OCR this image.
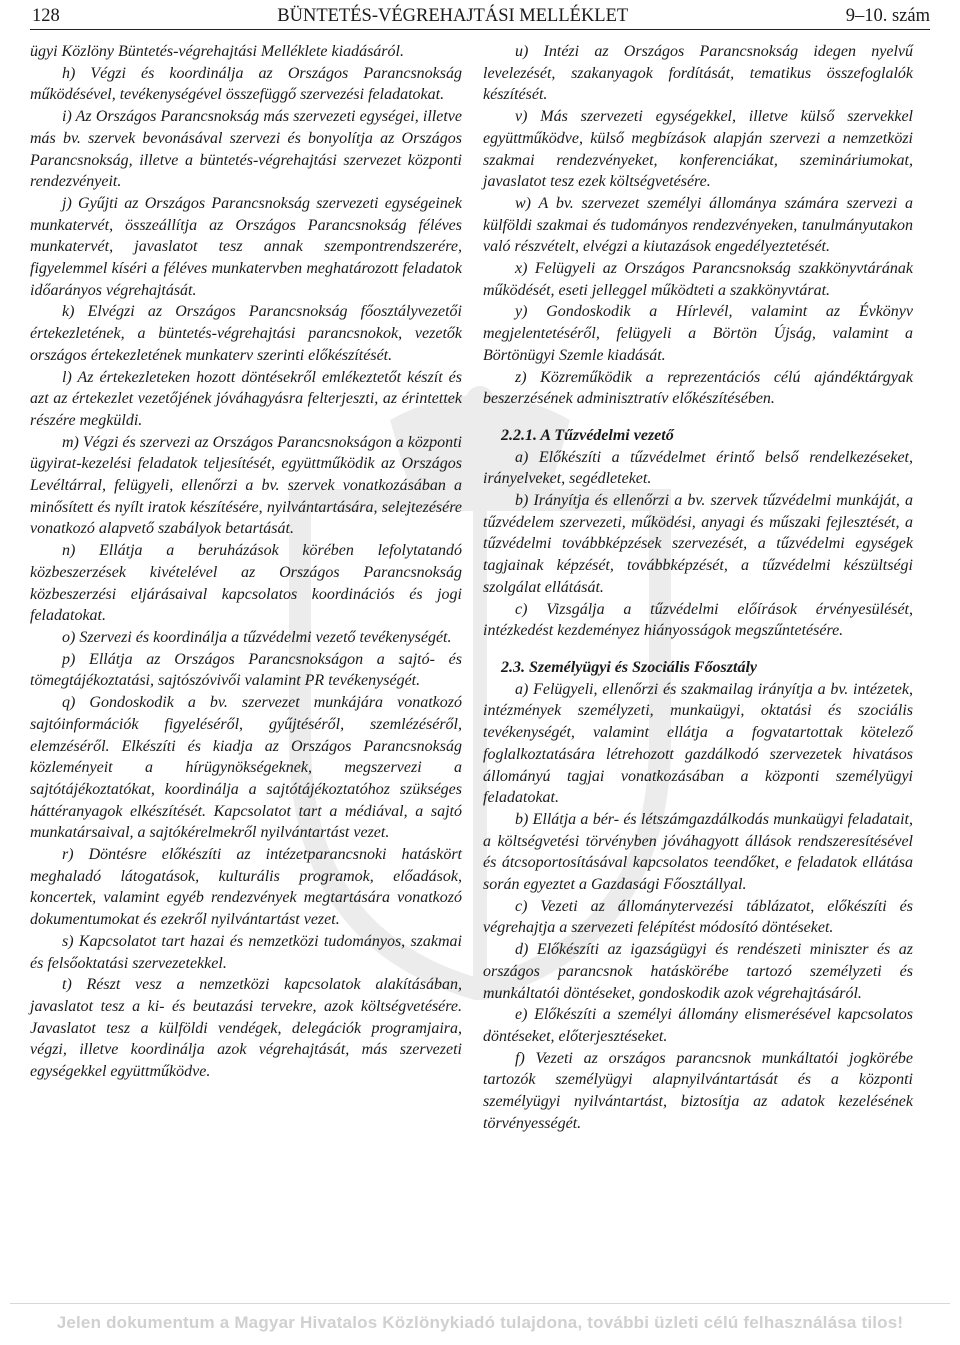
128	BÜNTETÉS-VÉGREHAJTÁSI MELLÉKLET	9–10. szám

ügyi Közlöny Büntetés-végrehajtási Melléklete kiadásáról.

h) Végzi és koordinálja az Országos Parancsnokság működésével, tevékenységével összefüggő szervezési feladatokat.

i) Az Országos Parancsnokság más szervezeti egységei, illetve más bv. szervek bevonásával szervezi és bonyolítja az Országos Parancsnokság, illetve a büntetés-végrehajtási szervezet központi rendezvényeit.

j) Gyűjti az Országos Parancsnokság szervezeti egységeinek munkatervét, összeállítja az Országos Parancsnokság féléves munkatervét, javaslatot tesz annak szempontrendszerére, figyelemmel kíséri a féléves munkatervben meghatározott feladatok időarányos végrehajtását.

k) Elvégzi az Országos Parancsnokság főosztályvezetői értekezletének, a büntetés-végrehajtási parancsnokok, vezetők országos értekezletének munkaterv szerinti előkészítését.

l) Az értekezleteken hozott döntésekről emlékeztetőt készít és azt az értekezlet vezetőjének jóváhagyásra felterjeszti, az érintettek részére megküldi.

m) Végzi és szervezi az Országos Parancsnokságon a központi ügyirat-kezelési feladatok teljesítését, együttműködik az Országos Levéltárral, felügyeli, ellenőrzi a bv. szervek vonatkozásában a minősített és nyílt iratok készítésére, nyilvántartására, selejtezésére vonatkozó alapvető szabályok betartását.

n) Ellátja a beruházások körében lefolytatandó közbeszerzések kivételével az Országos Parancsnokság közbeszerzési eljárásaival kapcsolatos koordinációs és jogi feladatokat.

o) Szervezi és koordinálja a tűzvédelmi vezető tevékenységét.

p) Ellátja az Országos Parancsnokságon a sajtó- és tömegtájékoztatási, sajtószóvivői valamint PR tevékenységét.

q) Gondoskodik a bv. szervezet munkájára vonatkozó sajtóinformációk figyeléséről, gyűjtéséről, szemlézéséről, elemzéséről. Elkészíti és kiadja az Országos Parancsnokság közleményeit a hírügynökségeknek, megszervezi a sajtótájékoztatókat, koordinálja a sajtótájékoztatóhoz szükséges háttéranyagok elkészítését. Kapcsolatot tart a médiával, a sajtó munkatársaival, a sajtókérelmekről nyilvántartást vezet.

r) Döntésre előkészíti az intézetparancsnoki hatáskört meghaladó látogatások, kulturális programok, előadások, koncertek, valamint egyéb rendezvények megtartására vonatkozó dokumentumokat és ezekről nyilvántartást vezet.

s) Kapcsolatot tart hazai és nemzetközi tudományos, szakmai és felsőoktatási szervezetekkel.

t) Részt vesz a nemzetközi kapcsolatok alakításában, javaslatot tesz a ki- és beutazási tervekre, azok költségvetésére. Javaslatot tesz a külföldi vendégek, delegációk programjaira, végzi, illetve koordinálja azok végrehajtását, más szervezeti egységekkel együttműködve.

u) Intézi az Országos Parancsnokság idegen nyelvű levelezését, szakanyagok fordítását, tematikus összefoglalók készítését.

v) Más szervezeti egységekkel, illetve külső szervekkel együttműködve, külső megbízások alapján szervezi a nemzetközi szakmai rendezvényeket, konferenciákat, szemináriumokat, javaslatot tesz ezek költségvetésére.

w) A bv. szervezet személyi állománya számára szervezi a külföldi szakmai és tudományos rendezvényeken, tanulmányutakon való részvételt, elvégzi a kiutazások engedélyeztetését.

x) Felügyeli az Országos Parancsnokság szakkönyvtárának működését, eseti jelleggel működteti a szakkönyvtárat.

y) Gondoskodik a Hírlevél, valamint az Évkönyv megjelentetéséről, felügyeli a Börtön Újság, valamint a Börtönügyi Szemle kiadását.

z) Közreműködik a reprezentációs célú ajándéktárgyak beszerzésének adminisztratív előkészítésében.

2.2.1. A Tűzvédelmi vezető

a) Előkészíti a tűzvédelmet érintő belső rendelkezéseket, irányelveket, segédleteket.

b) Irányítja és ellenőrzi a bv. szervek tűzvédelmi munkáját, a tűzvédelem szervezeti, működési, anyagi és műszaki fejlesztését, a tűzvédelmi továbbképzések szervezését, a tűzvédelmi egységek tagjainak képzését, továbbképzését, a tűzvédelmi készültségi szolgálat ellátását.

c) Vizsgálja a tűzvédelmi előírások érvényesülését, intézkedést kezdeményez hiányosságok megszűntetésére.

2.3. Személyügyi és Szociális Főosztály

a) Felügyeli, ellenőrzi és szakmailag irányítja a bv. intézetek, intézmények személyzeti, munkaügyi, oktatási és szociális tevékenységét, valamint ellátja a fogvatartottak kötelező foglalkoztatására létrehozott gazdálkodó szervezetek hivatásos állományú tagjai vonatkozásában a központi személyügyi feladatokat.

b) Ellátja a bér- és létszámgazdálkodás munkaügyi feladatait, a költségvetési törvényben jóváhagyott állások rendszeresítésével és átcsoportosításával kapcsolatos teendőket, e feladatok ellátása során egyeztet a Gazdasági Főosztállyal.

c) Vezeti az állománytervezési táblázatot, előkészíti és végrehajtja a szervezeti felépítést módosító döntéseket.

d) Előkészíti az igazságügyi és rendészeti miniszter és az országos parancsnok hatáskörébe tartozó személyzeti és munkáltatói döntéseket, gondoskodik azok végrehajtásáról.

e) Előkészíti a személyi állomány elismerésével kapcsolatos döntéseket, előterjesztéseket.

f) Vezeti az országos parancsnok munkáltatói jogkörébe tartozók személyügyi alapnyilvántartását és a központi személyügyi nyilvántartást, biztosítja az adatok kezelésének törvényességét.

Jelen dokumentum a Magyar Hivatalos Közlönykiadó tulajdona, további üzleti célú felhasználása tilos!
